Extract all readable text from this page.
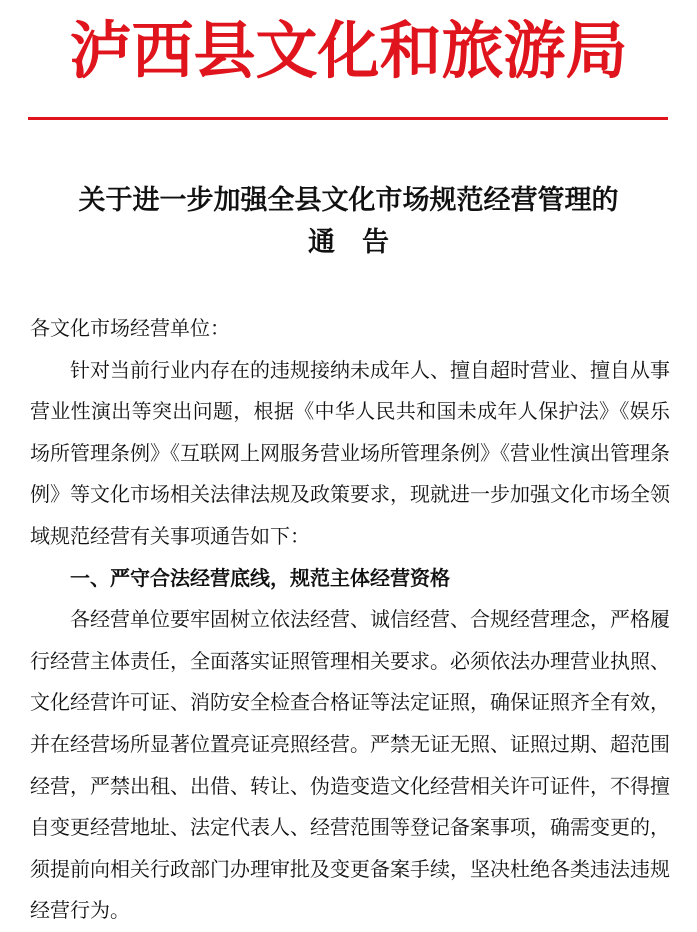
泸西县文化和旅游局
关于进一步加强全县文化市场规范经营管理的
通　告

各文化市场经营单位：

针对当前行业内存在的违规接纳未成年人、擅自超时营业、擅自从事营业性演出等突出问题，根据《中华人民共和国未成年人保护法》《娱乐场所管理条例》《互联网上网服务营业场所管理条例》《营业性演出管理条例》等文化市场相关法律法规及政策要求，现就进一步加强文化市场全领域规范经营有关事项通告如下：

一、严守合法经营底线，规范主体经营资格

各经营单位要牢固树立依法经营、诚信经营、合规经营理念，严格履行经营主体责任，全面落实证照管理相关要求。必须依法办理营业执照、文化经营许可证、消防安全检查合格证等法定证照，确保证照齐全有效，并在经营场所显著位置亮证亮照经营。严禁无证无照、证照过期、超范围经营，严禁出租、出借、转让、伪造变造文化经营相关许可证件，不得擅自变更经营地址、法定代表人、经营范围等登记备案事项，确需变更的，须提前向相关行政部门办理审批及变更备案手续，坚决杜绝各类违法违规经营行为。
